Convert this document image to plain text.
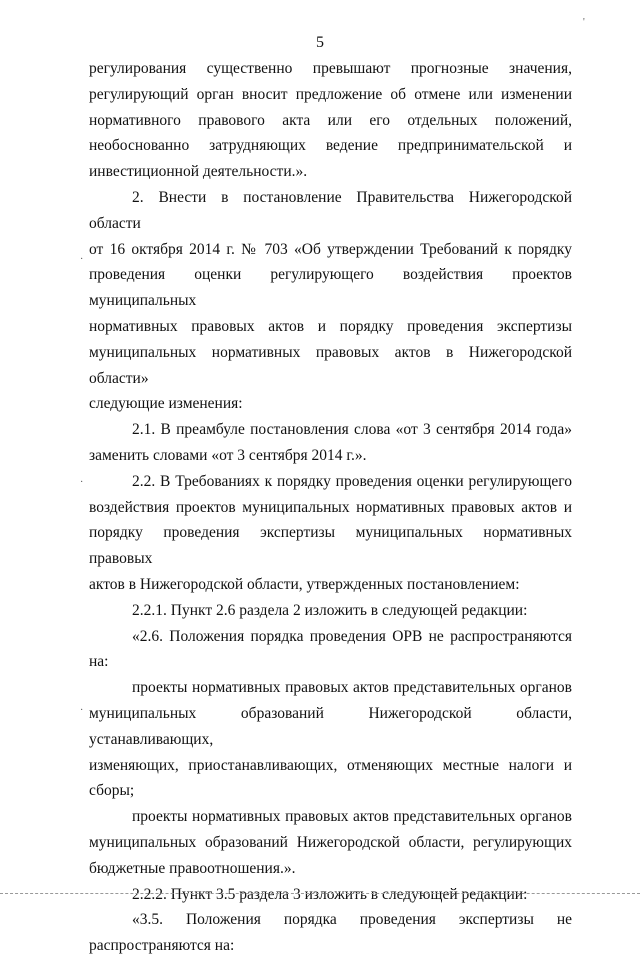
5
'
·
·
·

регулирования существенно превышают прогнозные значения,

регулирующий орган вносит предложение об отмене или изменении

нормативного правового акта или его отдельных положений,

необоснованно затрудняющих ведение предпринимательской и

инвестиционной деятельности.».

2. Внести в постановление Правительства Нижегородской области

от 16 октября 2014 г. № 703 «Об утверждении Требований к порядку

проведения оценки регулирующего воздействия проектов муниципальных

нормативных правовых актов и порядку проведения экспертизы

муниципальных нормативных правовых актов в Нижегородской области»

следующие изменения:

2.1. В преамбуле постановления слова «от 3 сентября 2014 года»

заменить словами «от 3 сентября 2014 г.».

2.2. В Требованиях к порядку проведения оценки регулирующего

воздействия проектов муниципальных нормативных правовых актов и

порядку проведения экспертизы муниципальных нормативных правовых

актов в Нижегородской области, утвержденных постановлением:

2.2.1. Пункт 2.6 раздела 2 изложить в следующей редакции:

«2.6. Положения порядка проведения ОРВ не распространяются на:

проекты нормативных правовых актов представительных органов

муниципальных образований Нижегородской области, устанавливающих,

изменяющих, приостанавливающих, отменяющих местные налоги и

сборы;

проекты нормативных правовых актов представительных органов

муниципальных образований Нижегородской области, регулирующих

бюджетные правоотношения.».

2.2.2. Пункт 3.5 раздела 3 изложить в следующей редакции:

«3.5. Положения порядка проведения экспертизы не

распространяются на:
